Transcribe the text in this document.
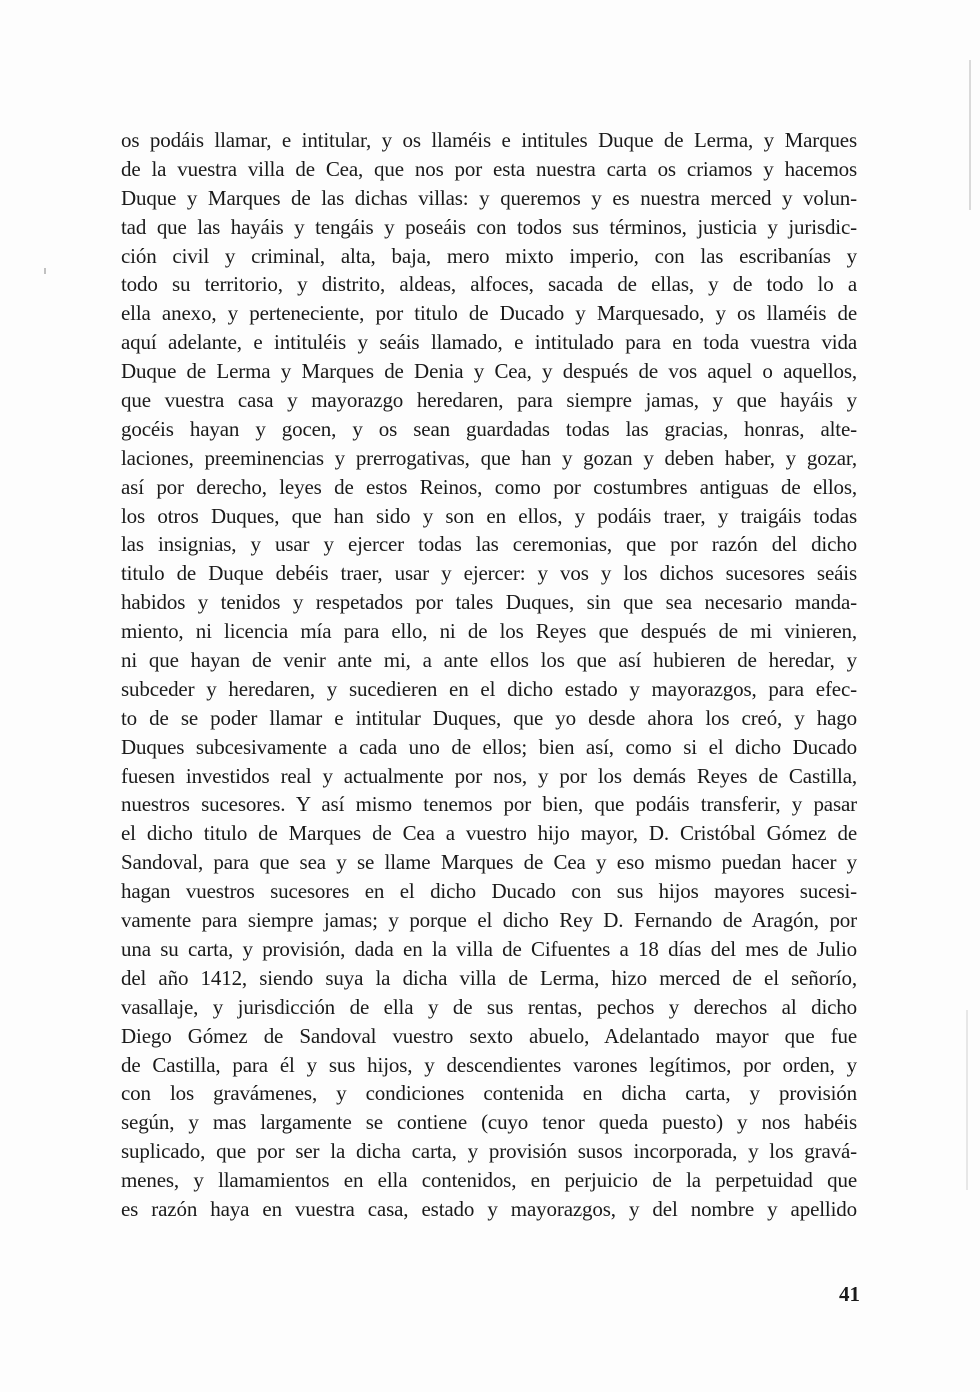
os podáis llamar, e intitular, y os llaméis e intitules Duque de Lerma, y Marques
de la vuestra villa de Cea, que nos por esta nuestra carta os criamos y hacemos
Duque y Marques de las dichas villas: y queremos y es nuestra merced y volun-
tad que las hayáis y tengáis y poseáis con todos sus términos, justicia y jurisdic-
ción civil y criminal, alta, baja, mero mixto imperio, con las escribanías y
todo su territorio, y distrito, aldeas, alfoces, sacada de ellas, y de todo lo a
ella anexo, y perteneciente, por titulo de Ducado y Marquesado, y os llaméis de
aquí adelante, e intituléis y seáis llamado, e intitulado para en toda vuestra vida
Duque de Lerma y Marques de Denia y Cea, y después de vos aquel o aquellos,
que vuestra casa y mayorazgo heredaren, para siempre jamas, y que hayáis y
gocéis hayan y gocen, y os sean guardadas todas las gracias, honras, alte-
laciones, preeminencias y prerrogativas, que han y gozan y deben haber, y gozar,
así por derecho, leyes de estos Reinos, como por costumbres antiguas de ellos,
los otros Duques, que han sido y son en ellos, y podáis traer, y traigáis todas
las insignias, y usar y ejercer todas las ceremonias, que por razón del dicho
titulo de Duque debéis traer, usar y ejercer: y vos y los dichos sucesores seáis
habidos y tenidos y respetados por tales Duques, sin que sea necesario manda-
miento, ni licencia mía para ello, ni de los Reyes que después de mi vinieren,
ni que hayan de venir ante mi, a ante ellos los que así hubieren de heredar, y
subceder y heredaren, y sucedieren en el dicho estado y mayorazgos, para efec-
to de se poder llamar e intitular Duques, que yo desde ahora los creó, y hago
Duques subcesivamente a cada uno de ellos; bien así, como si el dicho Ducado
fuesen investidos real y actualmente por nos, y por los demás Reyes de Castilla,
nuestros sucesores. Y así mismo tenemos por bien, que podáis transferir, y pasar
el dicho titulo de Marques de Cea a vuestro hijo mayor, D. Cristóbal Gómez de
Sandoval, para que sea y se llame Marques de Cea y eso mismo puedan hacer y
hagan vuestros sucesores en el dicho Ducado con sus hijos mayores sucesi-
vamente para siempre jamas; y porque el dicho Rey D. Fernando de Aragón, por
una su carta, y provisión, dada en la villa de Cifuentes a 18 días del mes de Julio
del año 1412, siendo suya la dicha villa de Lerma, hizo merced de el señorío,
vasallaje, y jurisdicción de ella y de sus rentas, pechos y derechos al dicho
Diego Gómez de Sandoval vuestro sexto abuelo, Adelantado mayor que fue
de Castilla, para él y sus hijos, y descendientes varones legítimos, por orden, y
con los gravámenes, y condiciones contenida en dicha carta, y provisión
según, y mas largamente se contiene (cuyo tenor queda puesto) y nos habéis
suplicado, que por ser la dicha carta, y provisión susos incorporada, y los gravá-
menes, y llamamientos en ella contenidos, en perjuicio de la perpetuidad que
es razón haya en vuestra casa, estado y mayorazgos, y del nombre y apellido
41
